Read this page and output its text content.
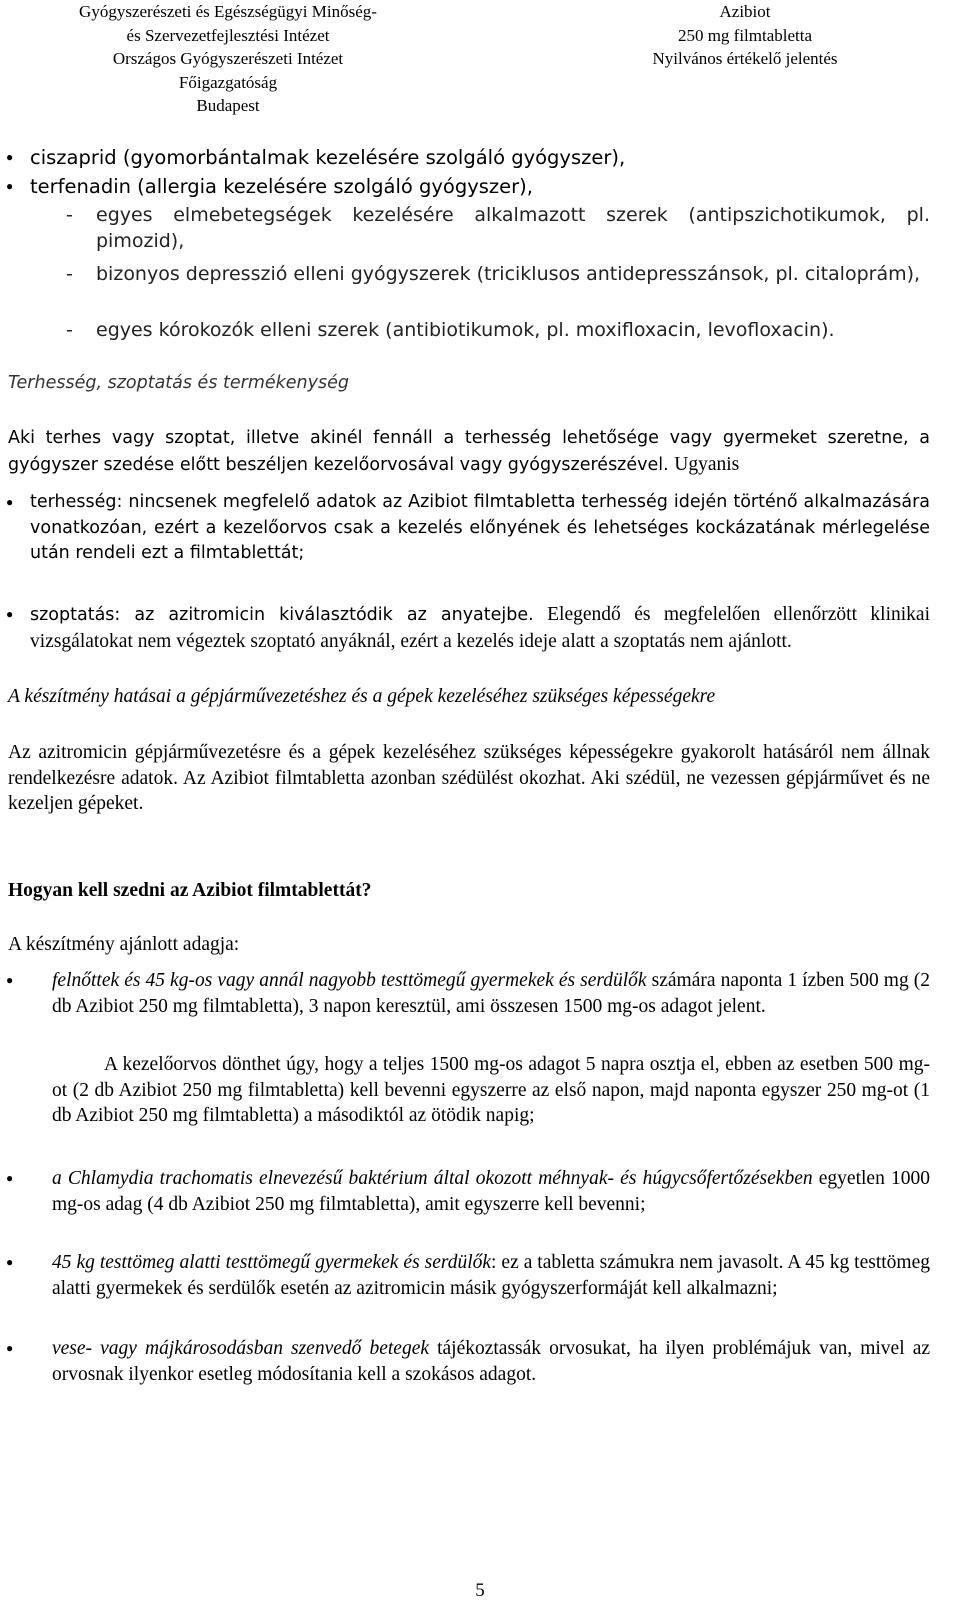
Gyógyszerészeti és Egészségügyi Minőség-
és Szervezetfejlesztési Intézet
Országos Gyógyszerészeti Intézet
Főigazgatóság
Budapest
Azibiot
250 mg filmtabletta
Nyilvános értékelő jelentés
● ciszaprid (gyomorbántalmak kezelésére szolgáló gyógyszer),
● terfenadin (allergia kezelésére szolgáló gyógyszer),
- egyes elmebetegségek kezelésére alkalmazott szerek (antipszichotikumok, pl. pimozid),
- bizonyos depresszió elleni gyógyszerek (triciklusos antidepresszánsok, pl. citaloprám),
- egyes kórokozók elleni szerek (antibiotikumok, pl. moxifloxacin, levofloxacin).
Terhesség, szoptatás és termékenység
Aki terhes vagy szoptat, illetve akinél fennáll a terhesség lehetősége vagy gyermeket szeretne, a gyógyszer szedése előtt beszéljen kezelőorvosával vagy gyógyszerészével. Ugyanis
● terhesség: nincsenek megfelelő adatok az Azibiot filmtabletta terhesség idején történő alkalmazására vonatkozóan, ezért a kezelőorvos csak a kezelés előnyének és lehetséges kockázatának mérlegelése után rendeli ezt a filmtablettát;
● szoptatás: az azitromicin kiválasztódik az anyatejbe. Elegendő és megfelelően ellenőrzött klinikai vizsgálatokat nem végeztek szoptató anyáknál, ezért a kezelés ideje alatt a szoptatás nem ajánlott.
A készítmény hatásai a gépjárművezetéshez és a gépek kezeléséhez szükséges képességekre
Az azitromicin gépjárművezetésre és a gépek kezeléséhez szükséges képességekre gyakorolt hatásáról nem állnak rendelkezésre adatok. Az Azibiot filmtabletta azonban szédülést okozhat. Aki szédül, ne vezessen gépjárművet és ne kezeljen gépeket.
Hogyan kell szedni az Azibiot filmtablettát?
A készítmény ajánlott adagja:
● felnőttek és 45 kg-os vagy annál nagyobb testtömegű gyermekek és serdülők számára naponta 1 ízben 500 mg (2 db Azibiot 250 mg filmtabletta), 3 napon keresztül, ami összesen 1500 mg-os adagot jelent.
A kezelőorvos dönthet úgy, hogy a teljes 1500 mg-os adagot 5 napra osztja el, ebben az esetben 500 mg-ot (2 db Azibiot 250 mg filmtabletta) kell bevenni egyszerre az első napon, majd naponta egyszer 250 mg-ot (1 db Azibiot 250 mg filmtabletta) a másodiktól az ötödik napig;
● a Chlamydia trachomatis elnevezésű baktérium által okozott méhnyak- és húgycsőfertőzésekben egyetlen 1000 mg-os adag (4 db Azibiot 250 mg filmtabletta), amit egyszerre kell bevenni;
● 45 kg testtömeg alatti testtömegű gyermekek és serdülők: ez a tabletta számukra nem javasolt. A 45 kg testtömeg alatti gyermekek és serdülők esetén az azitromicin másik gyógyszerformáját kell alkalmazni;
● vese- vagy májkárosodásban szenvedő betegek tájékoztassák orvosukat, ha ilyen problémájuk van, mivel az orvosnak ilyenkor esetleg módosítania kell a szokásos adagot.
5
